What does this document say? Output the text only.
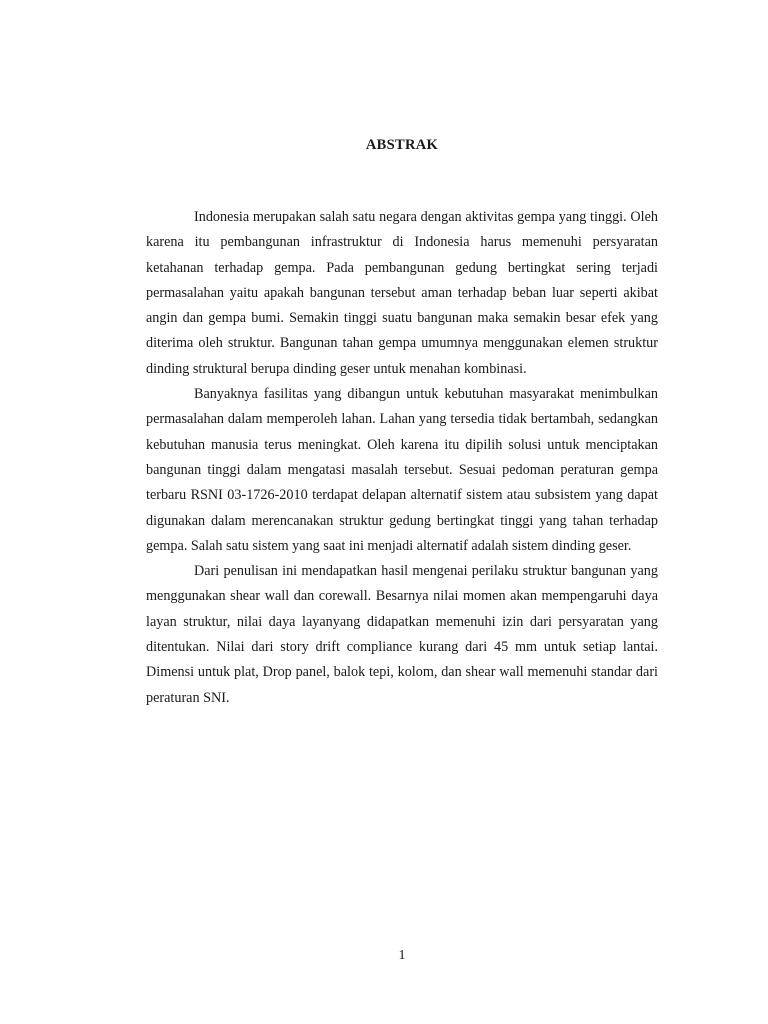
ABSTRAK

Indonesia merupakan salah satu negara dengan aktivitas gempa yang tinggi. Oleh karena itu pembangunan infrastruktur di Indonesia harus memenuhi persyaratan ketahanan terhadap gempa. Pada pembangunan gedung bertingkat sering terjadi permasalahan yaitu apakah bangunan tersebut aman terhadap beban luar seperti akibat angin dan gempa bumi. Semakin tinggi suatu bangunan maka semakin besar efek yang diterima oleh struktur. Bangunan tahan gempa umumnya menggunakan elemen struktur dinding struktural berupa dinding geser untuk menahan kombinasi.

Banyaknya fasilitas yang dibangun untuk kebutuhan masyarakat menimbulkan permasalahan dalam memperoleh lahan. Lahan yang tersedia tidak bertambah, sedangkan kebutuhan manusia terus meningkat. Oleh karena itu dipilih solusi untuk menciptakan bangunan tinggi dalam mengatasi masalah tersebut. Sesuai pedoman peraturan gempa terbaru RSNI 03-1726-2010 terdapat delapan alternatif sistem atau subsistem yang dapat digunakan dalam merencanakan struktur gedung bertingkat tinggi yang tahan terhadap gempa. Salah satu sistem yang saat ini menjadi alternatif adalah sistem dinding geser.

Dari penulisan ini mendapatkan hasil mengenai perilaku struktur bangunan yang menggunakan shear wall dan corewall. Besarnya nilai momen akan mempengaruhi daya layan struktur, nilai daya layanyang didapatkan memenuhi izin dari persyaratan yang ditentukan. Nilai dari story drift compliance kurang dari 45 mm untuk setiap lantai. Dimensi untuk plat, Drop panel, balok tepi, kolom, dan shear wall memenuhi standar dari peraturan SNI.

1
